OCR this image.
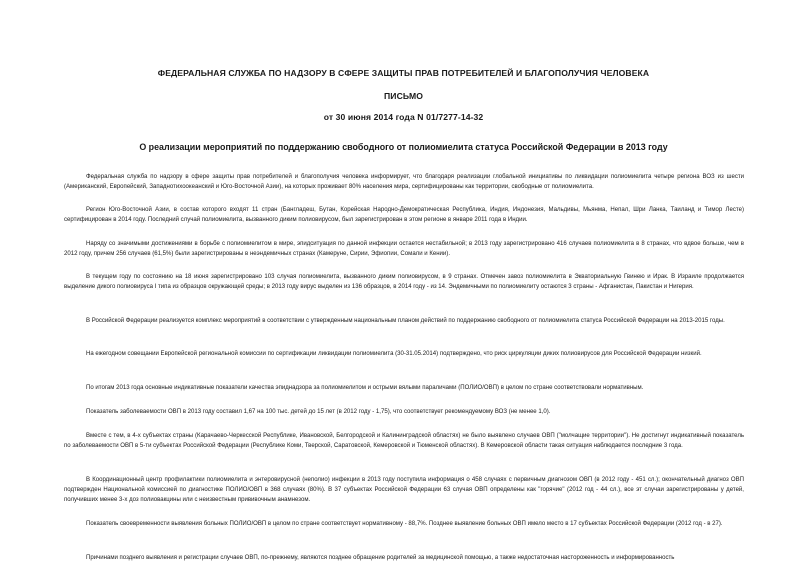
ФЕДЕРАЛЬНАЯ СЛУЖБА ПО НАДЗОРУ В СФЕРЕ ЗАЩИТЫ ПРАВ ПОТРЕБИТЕЛЕЙ И БЛАГОПОЛУЧИЯ ЧЕЛОВЕКА
ПИСЬМО
от 30 июня 2014 года N 01/7277-14-32
О реализации мероприятий по поддержанию свободного от полиомиелита статуса Российской Федерации в 2013 году
Федеральная служба по надзору в сфере защиты прав потребителей и благополучия человека информирует, что благодаря реализации глобальной инициативы по ликвидации полиомиелита четыре региона ВОЗ из шести (Американский, Европейский, Западнотихоокеанский и Юго-Восточной Азии), на которых проживает 80% населения мира, сертифицированы как территории, свободные от полиомиелита.
Регион Юго-Восточной Азии, в состав которого входят 11 стран (Бангладеш, Бутан, Корейская Народно-Демократическая Республика, Индия, Индонезия, Мальдивы, Мьянма, Непал, Шри Ланка, Таиланд и Тимор Лесте) сертифицирован в 2014 году. Последний случай полиомиелита, вызванного диким полиовирусом, был зарегистрирован в этом регионе в январе 2011 года в Индии.
Наряду со значимыми достижениями в борьбе с полиомиелитом в мире, эпидситуация по данной инфекции остается нестабильной; в 2013 году зарегистрировано 416 случаев полиомиелита в 8 странах, что вдвое больше, чем в 2012 году, причем 256 случаев (61,5%) были зарегистрированы в неэндемичных странах (Камеруне, Сирии, Эфиопии, Сомали и Кении).
В текущем году по состоянию на 18 июня зарегистрировано 103 случая полиомиелита, вызванного диким полиовирусом, в 9 странах. Отмечен завоз полиомиелита в Экваториальную Гвинею и Ирак. В Израиле продолжается выделение дикого полиовируса I типа из образцов окружающей среды; в 2013 году вирус выделен из 136 образцов, в 2014 году - из 14. Эндемичными по полиомиелиту остаются 3 страны - Афганистан, Пакистан и Нигерия.
В Российской Федерации реализуется комплекс мероприятий в соответствии с утвержденным национальным планом действий по поддержанию свободного от полиомиелита статуса Российской Федерации на 2013-2015 годы.
На ежегодном совещании Европейской региональной комиссии по сертификации ликвидации полиомиелита (30-31.05.2014) подтверждено, что риск циркуляции диких полиовирусов для Российской Федерации низкий.
По итогам 2013 года основные индикативные показатели качества эпиднадзора за полиомиелитом и острыми вялыми параличами (ПОЛИО/ОВП) в целом по стране соответствовали нормативным.
Показатель заболеваемости ОВП в 2013 году составил 1,67 на 100 тыс. детей до 15 лет (в 2012 году - 1,75), что соответствует рекомендуемому ВОЗ (не менее 1,0).
Вместе с тем, в 4-х субъектах страны (Карачаево-Черкесской Республике, Ивановской, Белгородской и Калининградской областях) не было выявлено случаев ОВП ("молчащие территории"). Не достигнут индикативный показатель по заболеваемости ОВП в 5-ти субъектах Российской Федерации (Республике Коми, Тверской, Саратовской, Кемеровской и Тюменской областях). В Кемеровской области такая ситуация наблюдается последние 3 года.
В Координационный центр профилактики полиомиелита и энтеровирусной (неполио) инфекции в 2013 году поступила информация о 458 случаях с первичным диагнозом ОВП (в 2012 году - 451 сл.); окончательный диагноз ОВП подтвержден Национальной комиссией по диагностике ПОЛИО/ОВП в 368 случаях (80%). В 37 субъектах Российской Федерации 63 случая ОВП определены как "горячие" (2012 год - 44 сл.), все эт случаи зарегистрированы у детей, получивших менее 3-х доз полиовакцины или с неизвестным прививочным анамнезом.
Показатель своевременности выявления больных ПОЛИО/ОВП в целом по стране соответствует нормативному - 88,7%. Позднее выявление больных ОВП имело место в 17 субъектах Российской Федерации (2012 год - в 27).
Причинами позднего выявления и регистрации случаев ОВП, по-прежнему, являются позднее обращение родителей за медицинской помощью, а также недостаточная настороженность и информированность
